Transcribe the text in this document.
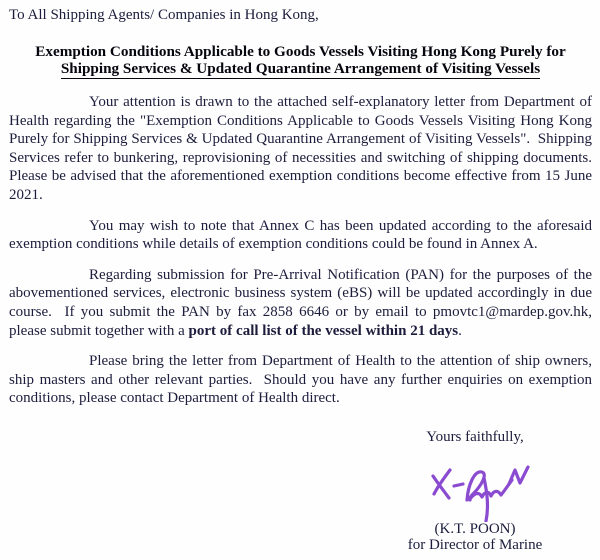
To All Shipping Agents/ Companies in Hong Kong,
Exemption Conditions Applicable to Goods Vessels Visiting Hong Kong Purely for
Shipping Services & Updated Quarantine Arrangement of Visiting Vessels

Your attention is drawn to the attached self-explanatory letter from Department of Health regarding the "Exemption Conditions Applicable to Goods Vessels Visiting Hong Kong Purely for Shipping Services & Updated Quarantine Arrangement of Visiting Vessels".  Shipping Services refer to bunkering, reprovisioning of necessities and switching of shipping documents.  Please be advised that the aforementioned exemption conditions become effective from 15 June 2021.

You may wish to note that Annex C has been updated according to the aforesaid exemption conditions while details of exemption conditions could be found in Annex A.

Regarding submission for Pre-Arrival Notification (PAN) for the purposes of the abovementioned services, electronic business system (eBS) will be updated accordingly in due course.  If you submit the PAN by fax 2858 6646 or by email to pmovtc1@mardep.gov.hk, please submit together with a port of call list of the vessel within 21 days.

Please bring the letter from Department of Health to the attention of ship owners, ship masters and other relevant parties.  Should you have any further enquiries on exemption conditions, please contact Department of Health direct.

Yours faithfully,
(K.T. POON)
for Director of Marine
